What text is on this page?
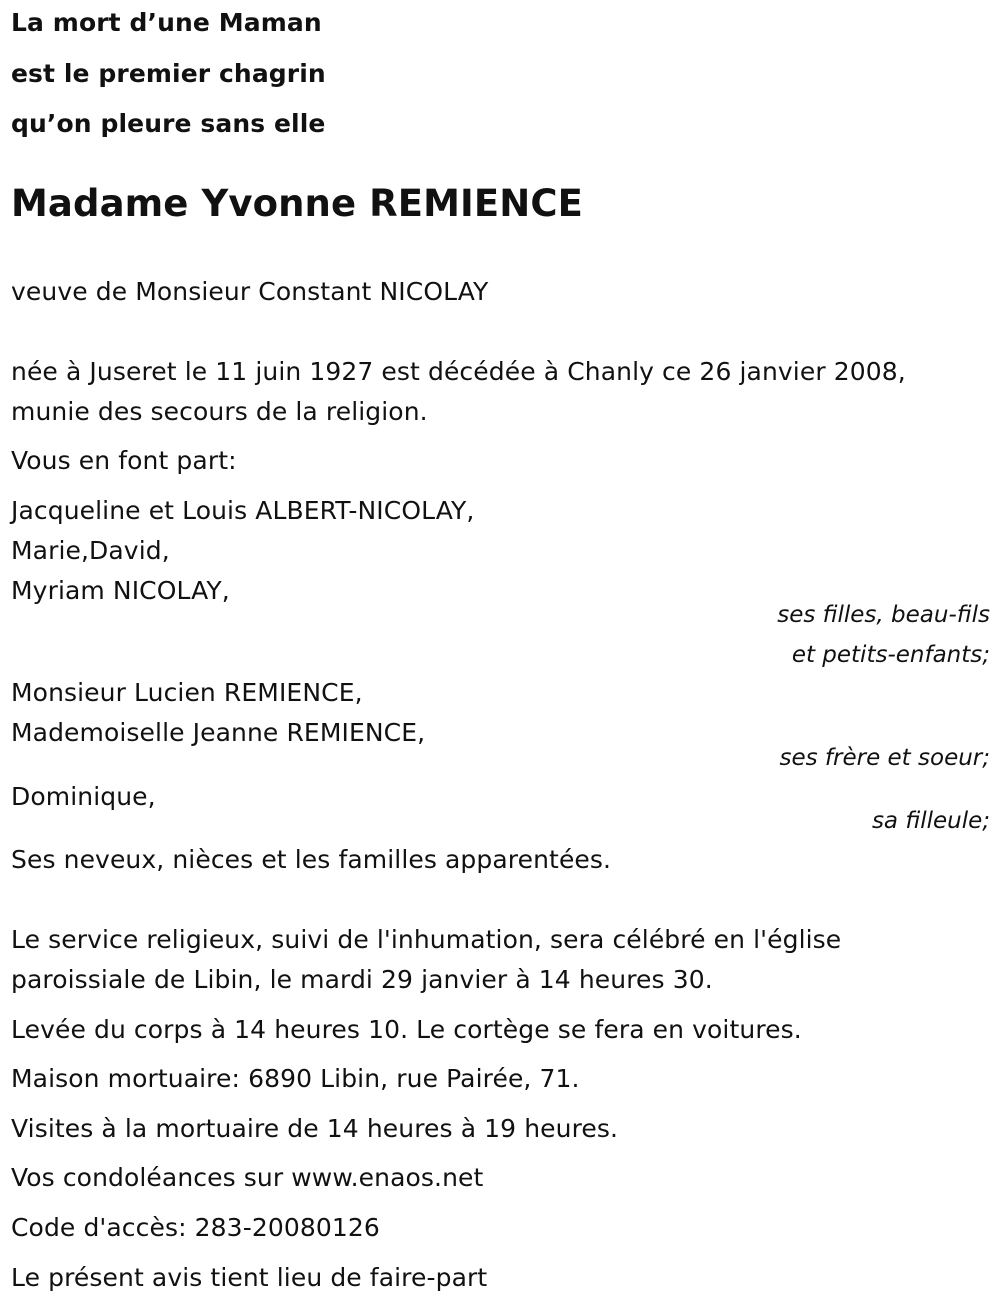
La mort d’une Maman
est le premier chagrin
qu’on pleure sans elle
Madame Yvonne REMIENCE
veuve de Monsieur Constant NICOLAY
née à Juseret le 11 juin 1927 est décédée à Chanly ce 26 janvier 2008,
munie des secours de la religion.
Vous en font part:
Jacqueline et Louis ALBERT-NICOLAY,
Marie,David,
Myriam NICOLAY,
ses filles, beau-fils
et petits-enfants;
Monsieur Lucien REMIENCE,
Mademoiselle Jeanne REMIENCE,
ses frère et soeur;
Dominique,
sa filleule;
Ses neveux, nièces et les familles apparentées.
Le service religieux, suivi de l'inhumation, sera célébré en l'église
paroissiale de Libin, le mardi 29 janvier à 14 heures 30.
Levée du corps à 14 heures 10. Le cortège se fera en voitures.
Maison mortuaire: 6890 Libin, rue Pairée, 71.
Visites à la mortuaire de 14 heures à 19 heures.
Vos condoléances sur www.enaos.net
Code d'accès: 283-20080126
Le présent avis tient lieu de faire-part
